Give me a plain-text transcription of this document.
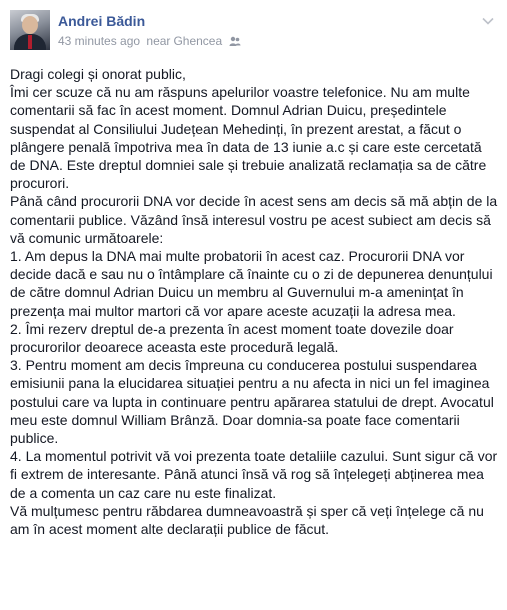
Andrei Bădin
43 minutes ago near Ghencea

Dragi colegi și onorat public,

Îmi cer scuze că nu am răspuns apelurilor voastre telefonice. Nu am multe comentarii să fac în acest moment. Domnul Adrian Duicu, președintele suspendat al Consiliului Județean Mehedinți, în prezent arestat, a făcut o plângere penală împotriva mea în data de 13 iunie a.c și care este cercetată de DNA. Este dreptul domniei sale și trebuie analizată reclamația sa de către procurori.

Până când procurorii DNA vor decide în acest sens am decis să mă abțin de la comentarii publice. Văzând însă interesul vostru pe acest subiect am decis să vă comunic următoarele:

1. Am depus la DNA mai multe probatorii în acest caz. Procurorii DNA vor decide dacă e sau nu o întâmplare că înainte cu o zi de depunerea denunțului de către domnul Adrian Duicu un membru al Guvernului m-a amenințat în prezența mai multor martori că vor apare aceste acuzații la adresa mea.

2. Îmi rezerv dreptul de-a prezenta în acest moment toate dovezile doar procurorilor deoarece aceasta este procedură legală.

3. Pentru moment am decis împreuna cu conducerea postului suspendarea emisiunii pana la elucidarea situației pentru a nu afecta in nici un fel imaginea postului care va lupta in continuare pentru apărarea statului de drept. Avocatul meu este domnul William Brânză. Doar domnia-sa poate face comentarii publice.

4. La momentul potrivit vă voi prezenta toate detaliile cazului. Sunt sigur că vor fi extrem de interesante. Până atunci însă vă rog să înțelegeți abținerea mea de a comenta un caz care nu este finalizat.

Vă mulțumesc pentru răbdarea dumneavoastră și sper că veți înțelege că nu am în acest moment alte declarații publice de făcut.
